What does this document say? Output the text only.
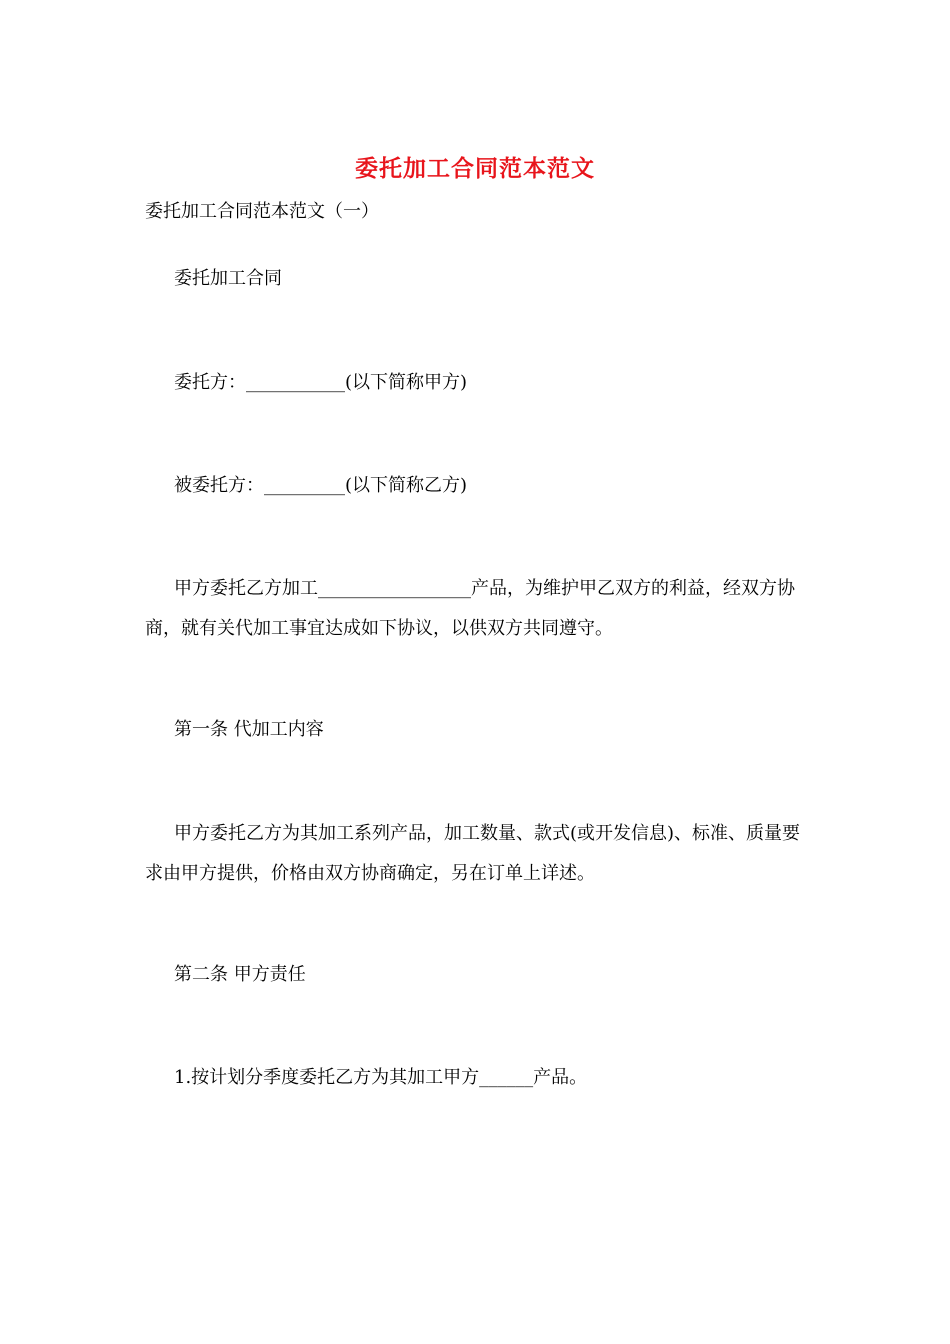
委托加工合同范本范文
委托加工合同范本范文（一）
委托加工合同
委托方：___________(以下简称甲方)
被委托方：_________(以下简称乙方)
甲方委托乙方加工_________________产品，为维护甲乙双方的利益，经双方协商，就有关代加工事宜达成如下协议，以供双方共同遵守。
第一条 代加工内容
甲方委托乙方为其加工系列产品，加工数量、款式(或开发信息)、标准、质量要求由甲方提供，价格由双方协商确定，另在订单上详述。
第二条 甲方责任
1.按计划分季度委托乙方为其加工甲方______产品。
